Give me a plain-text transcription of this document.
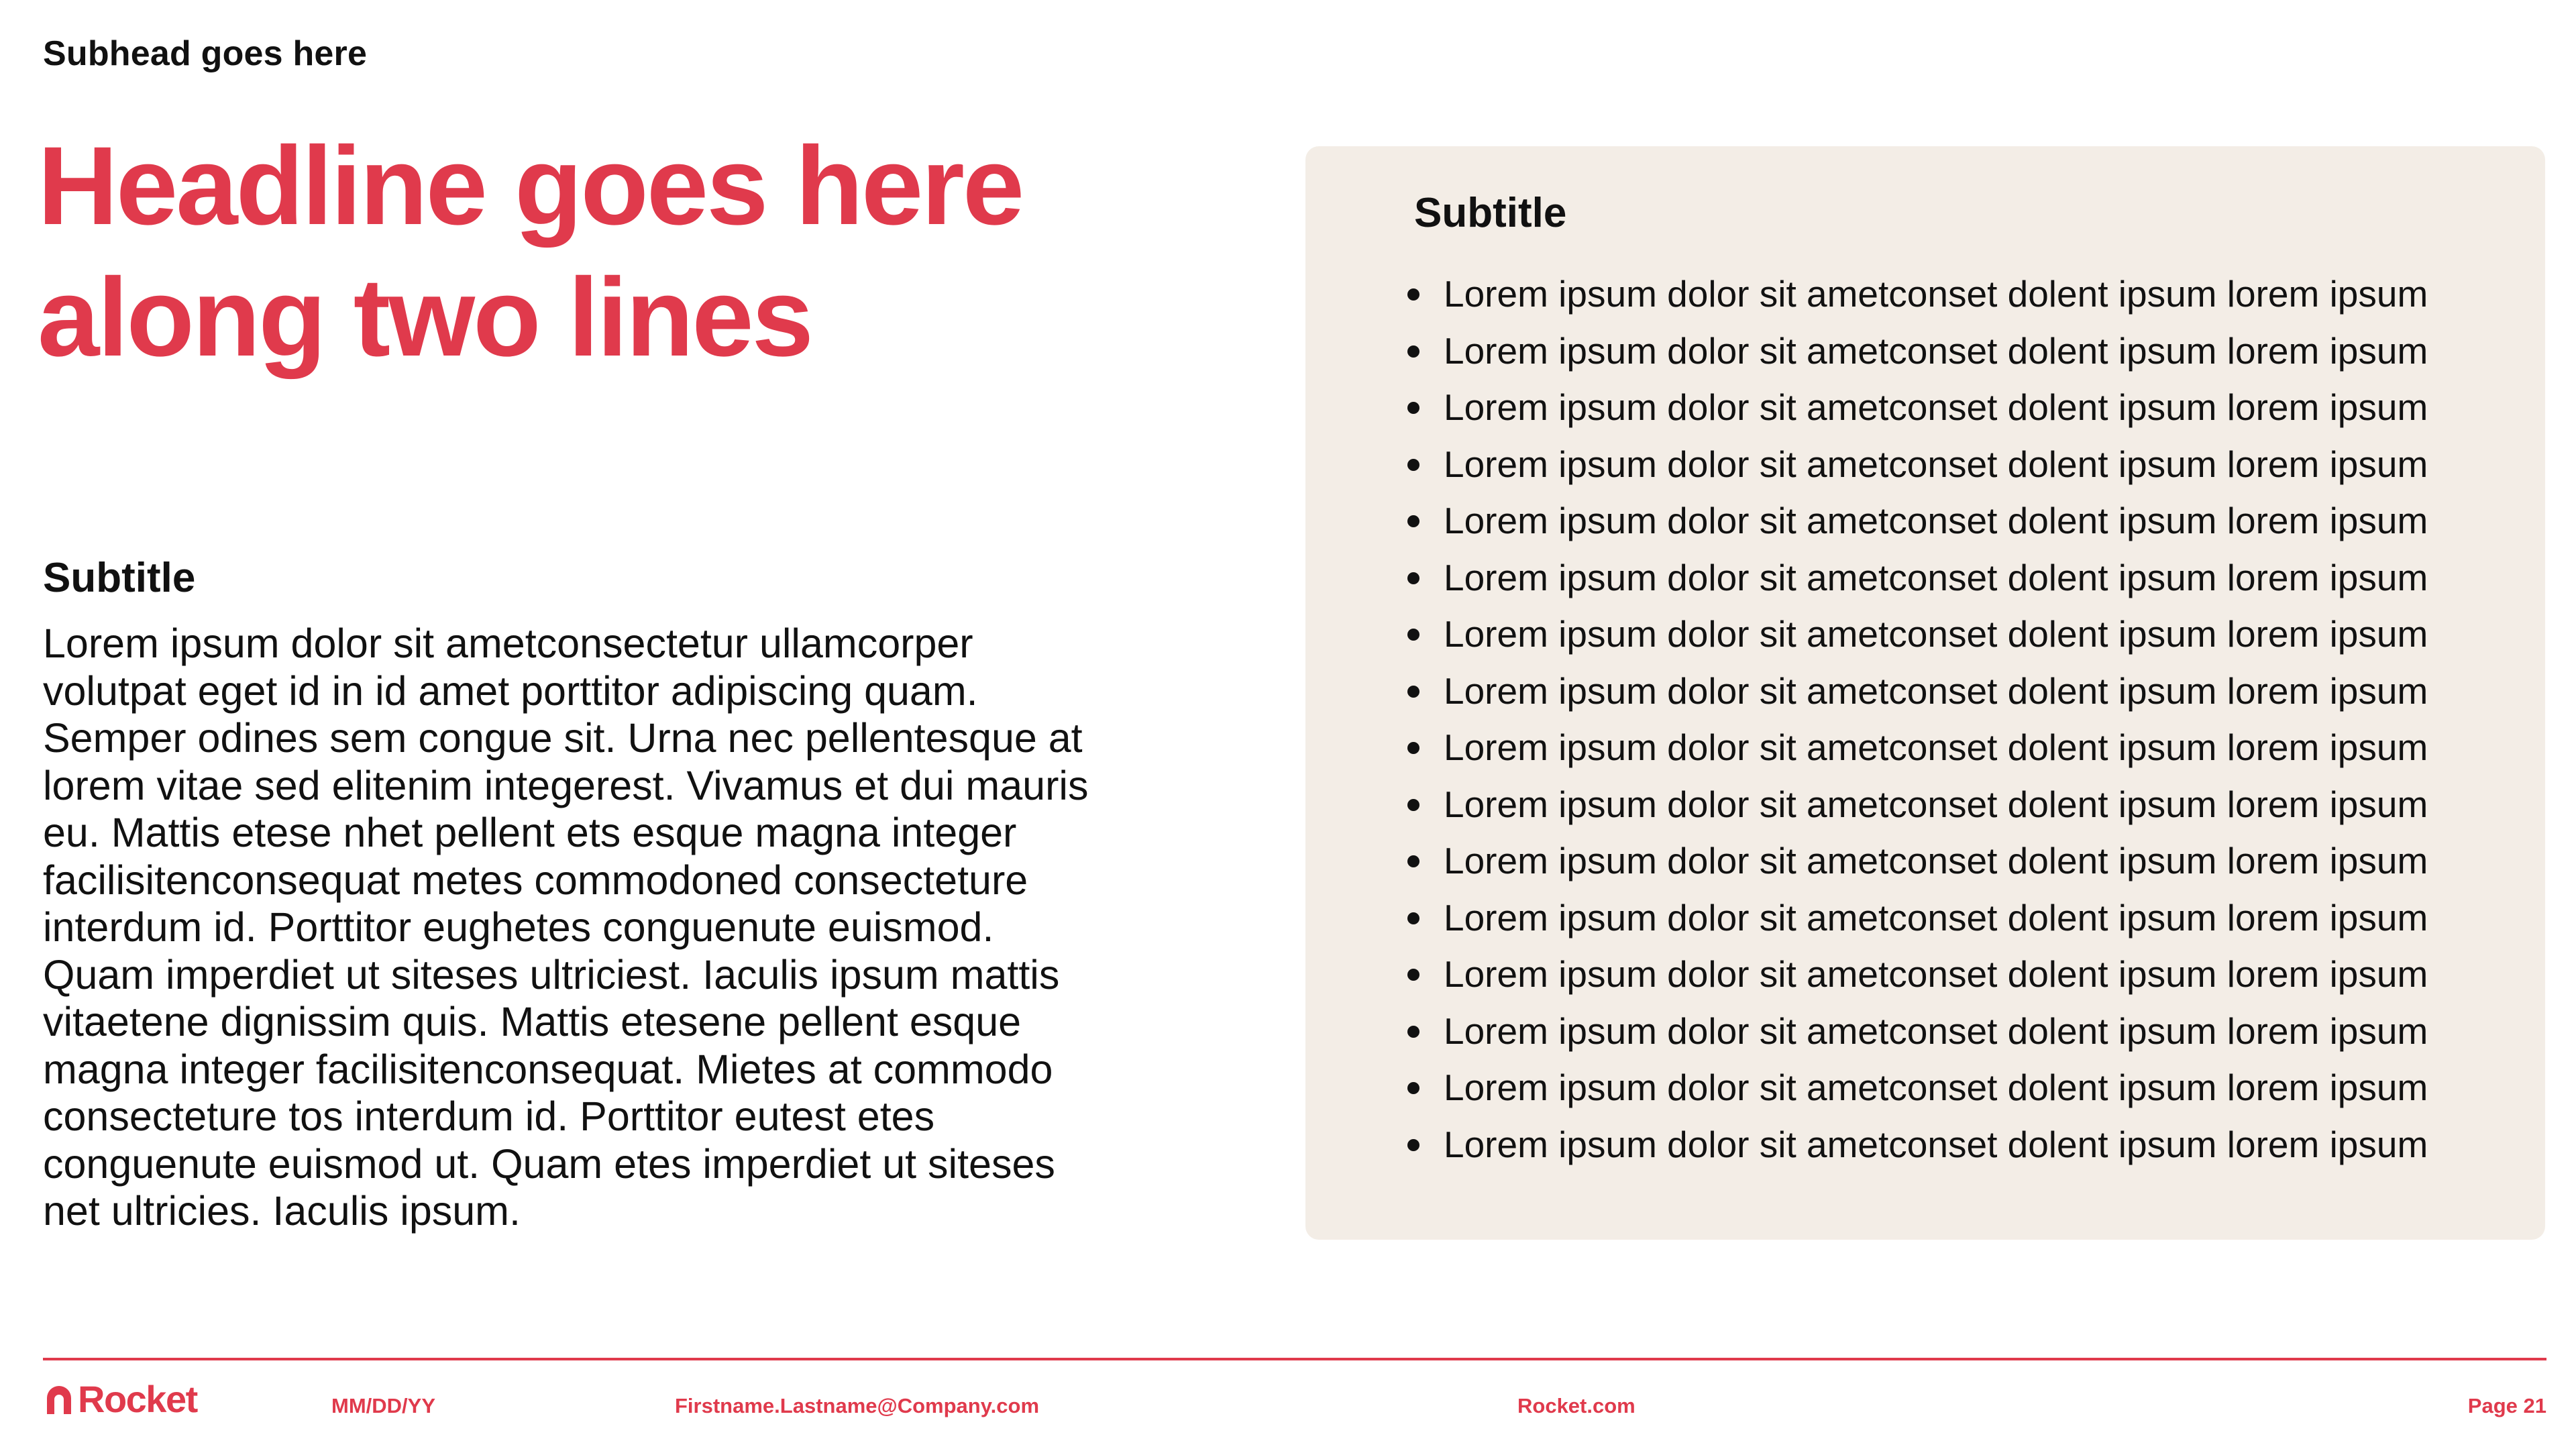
Subhead goes here
Headline goes here
along two lines
Subtitle

Lorem ipsum dolor sit ametconsectetur ullamcorper volutpat eget id in id amet porttitor adipiscing quam. Semper odines sem congue sit. Urna nec pellentesque at lorem vitae sed elitenim integerest. Vivamus et dui mauris eu. Mattis etese nhet pellent ets esque magna integer facilisitenconsequat metes commodoned consecteture interdum id. Porttitor eughetes conguenute euismod. Quam imperdiet ut siteses ultriciest. Iaculis ipsum mattis vitaetene dignissim quis. Mattis etesene pellent esque magna integer facilisitenconsequat. Mietes at commodo consecteture tos interdum id. Porttitor eutest etes conguenute euismod ut. Quam etes imperdiet ut siteses net ultricies. Iaculis ipsum.

Subtitle
Lorem ipsum dolor sit ametconset dolent ipsum lorem ipsum
Lorem ipsum dolor sit ametconset dolent ipsum lorem ipsum
Lorem ipsum dolor sit ametconset dolent ipsum lorem ipsum
Lorem ipsum dolor sit ametconset dolent ipsum lorem ipsum
Lorem ipsum dolor sit ametconset dolent ipsum lorem ipsum
Lorem ipsum dolor sit ametconset dolent ipsum lorem ipsum
Lorem ipsum dolor sit ametconset dolent ipsum lorem ipsum
Lorem ipsum dolor sit ametconset dolent ipsum lorem ipsum
Lorem ipsum dolor sit ametconset dolent ipsum lorem ipsum
Lorem ipsum dolor sit ametconset dolent ipsum lorem ipsum
Lorem ipsum dolor sit ametconset dolent ipsum lorem ipsum
Lorem ipsum dolor sit ametconset dolent ipsum lorem ipsum
Lorem ipsum dolor sit ametconset dolent ipsum lorem ipsum
Lorem ipsum dolor sit ametconset dolent ipsum lorem ipsum
Lorem ipsum dolor sit ametconset dolent ipsum lorem ipsum
Lorem ipsum dolor sit ametconset dolent ipsum lorem ipsum
Rocket	MM/DD/YY	Firstname.Lastname@Company.com	Rocket.com	Page 21
